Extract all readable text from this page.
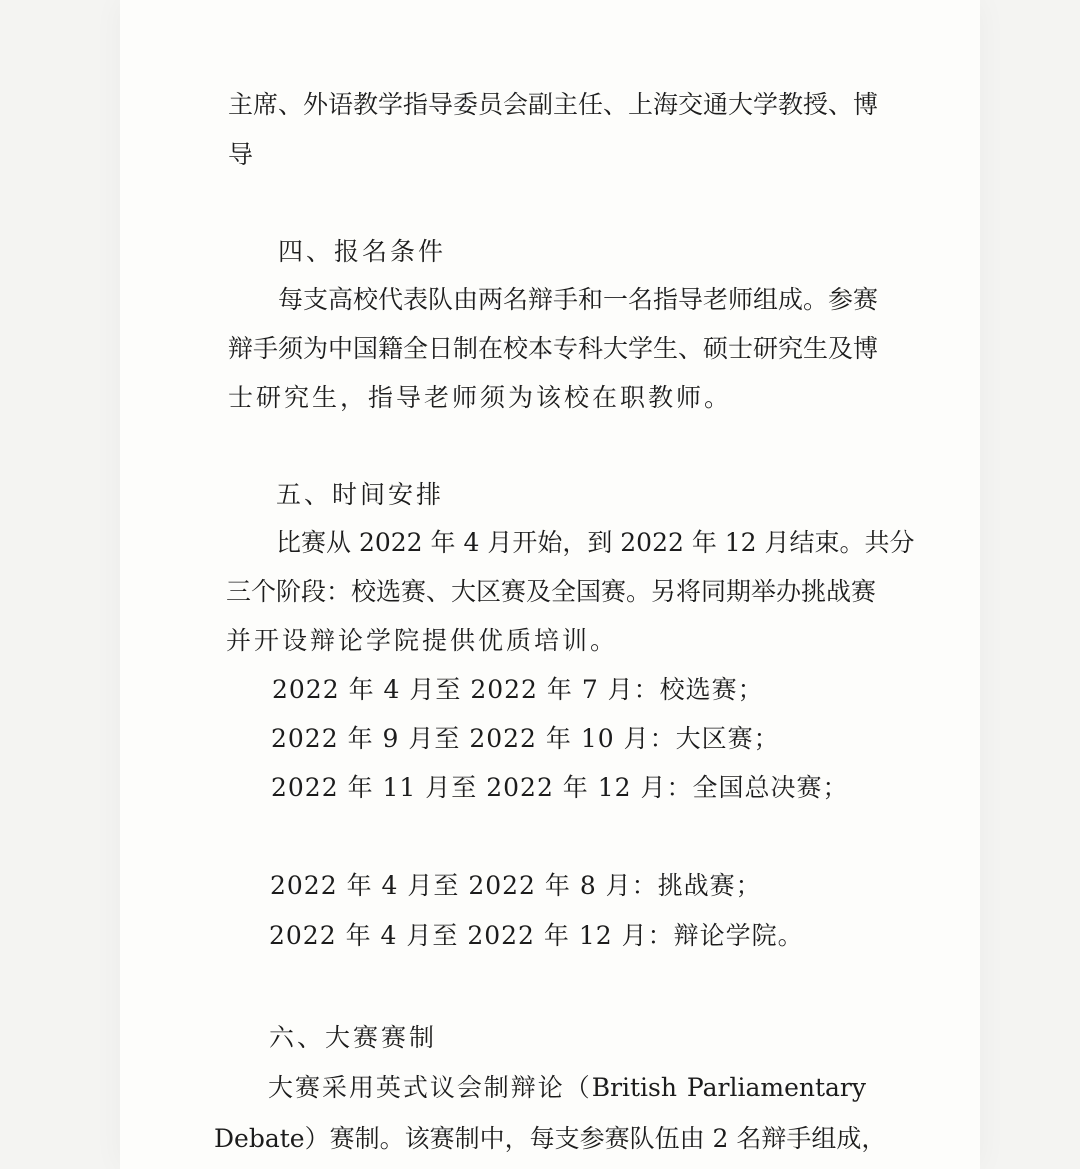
主席、外语教学指导委员会副主任、上海交通大学教授、博

导

四、报名条件

每支高校代表队由两名辩手和一名指导老师组成。参赛

辩手须为中国籍全日制在校本专科大学生、硕士研究生及博

士研究生，指导老师须为该校在职教师。

五、时间安排

比赛从 2022 年 4 月开始，到 2022 年 12 月结束。共分

三个阶段：校选赛、大区赛及全国赛。另将同期举办挑战赛

并开设辩论学院提供优质培训。

2022 年 4 月至 2022 年 7 月：校选赛；

2022 年 9 月至 2022 年 10 月：大区赛；

2022 年 11 月至 2022 年 12 月：全国总决赛；

2022 年 4 月至 2022 年 8 月：挑战赛；

2022 年 4 月至 2022 年 12 月：辩论学院。

六、大赛赛制

大赛采用英式议会制辩论（British Parliamentary

Debate）赛制。该赛制中，每支参赛队伍由 2 名辩手组成，
